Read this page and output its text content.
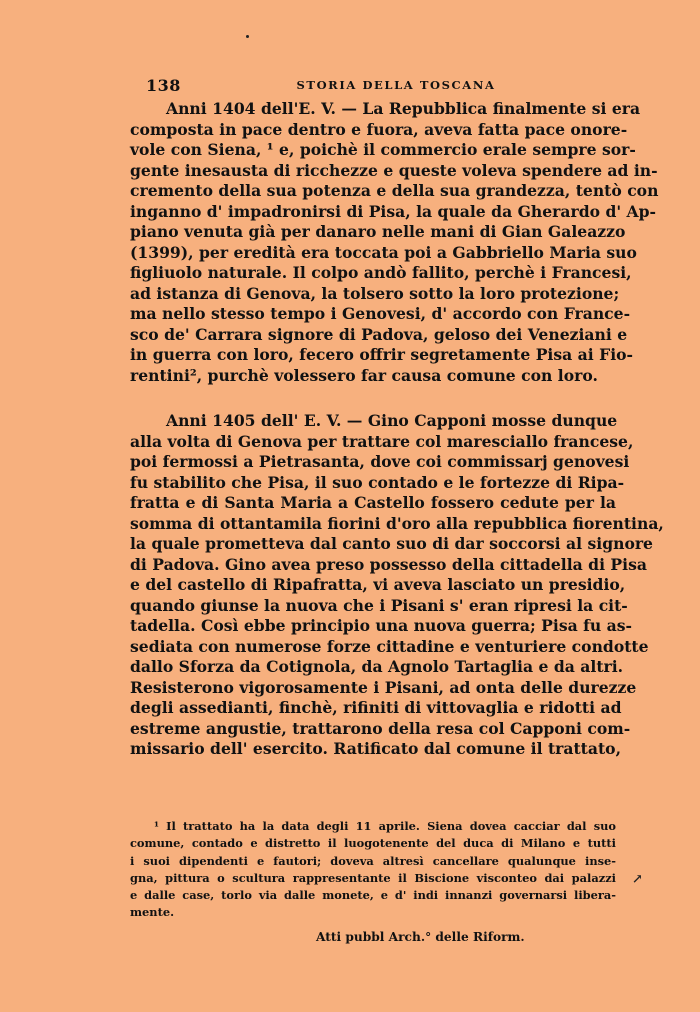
138	STORIA DELLA TOSCANA
Anni 1404 dell'E. V. — La Repubblica finalmente si era
composta in pace dentro e fuora, aveva fatta pace onore-
vole con Siena, ¹ e, poichè il commercio erale sempre sor-
gente inesausta di ricchezze e queste voleva spendere ad in-
cremento della sua potenza e della sua grandezza, tentò con
inganno d' impadronirsi di Pisa, la quale da Gherardo d' Ap-
piano venuta già per danaro nelle mani di Gian Galeazzo
(1399), per eredità era toccata poi a Gabbriello Maria suo
figliuolo naturale. Il colpo andò fallito, perchè i Francesi,
ad istanza di Genova, la tolsero sotto la loro protezione;
ma nello stesso tempo i Genovesi, d' accordo con France-
sco de' Carrara signore di Padova, geloso dei Veneziani e
in guerra con loro, fecero offrir segretamente Pisa ai Fio-
rentini², purchè volessero far causa comune con loro.
Anni 1405 dell' E. V. — Gino Capponi mosse dunque
alla volta di Genova per trattare col maresciallo francese,
poi fermossi a Pietrasanta, dove coi commissarj genovesi
fu stabilito che Pisa, il suo contado e le fortezze di Ripa-
fratta e di Santa Maria a Castello fossero cedute per la
somma di ottantamila fiorini d'oro alla repubblica fiorentina,
la quale prometteva dal canto suo di dar soccorsi al signore
di Padova. Gino avea preso possesso della cittadella di Pisa
e del castello di Ripafratta, vi aveva lasciato un presidio,
quando giunse la nuova che i Pisani s' eran ripresi la cit-
tadella. Così ebbe principio una nuova guerra; Pisa fu as-
sediata con numerose forze cittadine e venturiere condotte
dallo Sforza da Cotignola, da Agnolo Tartaglia e da altri.
Resisterono vigorosamente i Pisani, ad onta delle durezze
degli assedianti, finchè, rifiniti di vittovaglia e ridotti ad
estreme angustie, trattarono della resa col Capponi com-
missario dell' esercito. Ratificato dal comune il trattato,
¹ Il trattato ha la data degli 11 aprile. Siena dovea cacciar dal suo
comune, contado e distretto il luogotenente del duca di Milano e tutti
i suoi dipendenti e fautori; doveva altresì cancellare qualunque inse-
gna, pittura o scultura rappresentante il Biscione visconteo dai palazzi
e dalle case, torlo via dalle monete, e d' indi innanzi governarsi libera-
mente.
Atti pubbl Arch.° delle Riform.
↗
